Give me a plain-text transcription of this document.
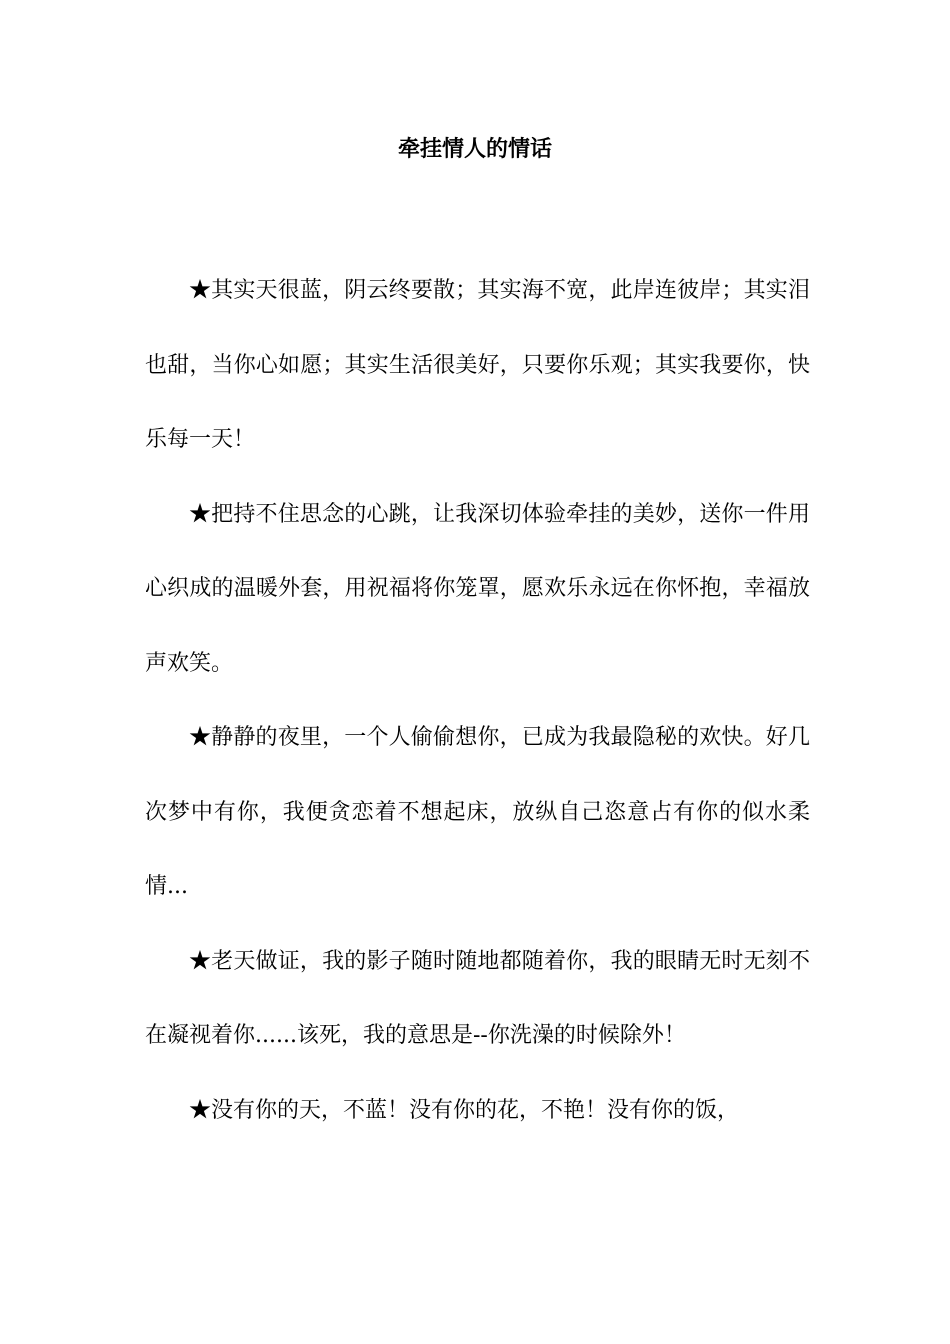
牵挂情人的情话

★其实天很蓝，阴云终要散；其实海不宽，此岸连彼岸；其实泪也甜，当你心如愿；其实生活很美好，只要你乐观；其实我要你，快乐每一天！

★把持不住思念的心跳，让我深切体验牵挂的美妙，送你一件用心织成的温暖外套，用祝福将你笼罩，愿欢乐永远在你怀抱，幸福放声欢笑。

★静静的夜里，一个人偷偷想你，已成为我最隐秘的欢快。好几次梦中有你，我便贪恋着不想起床，放纵自己恣意占有你的似水柔情...

★老天做证，我的影子随时随地都随着你，我的眼睛无时无刻不在凝视着你......该死，我的意思是--你洗澡的时候除外！

★没有你的天，不蓝！没有你的花，不艳！没有你的饭，
